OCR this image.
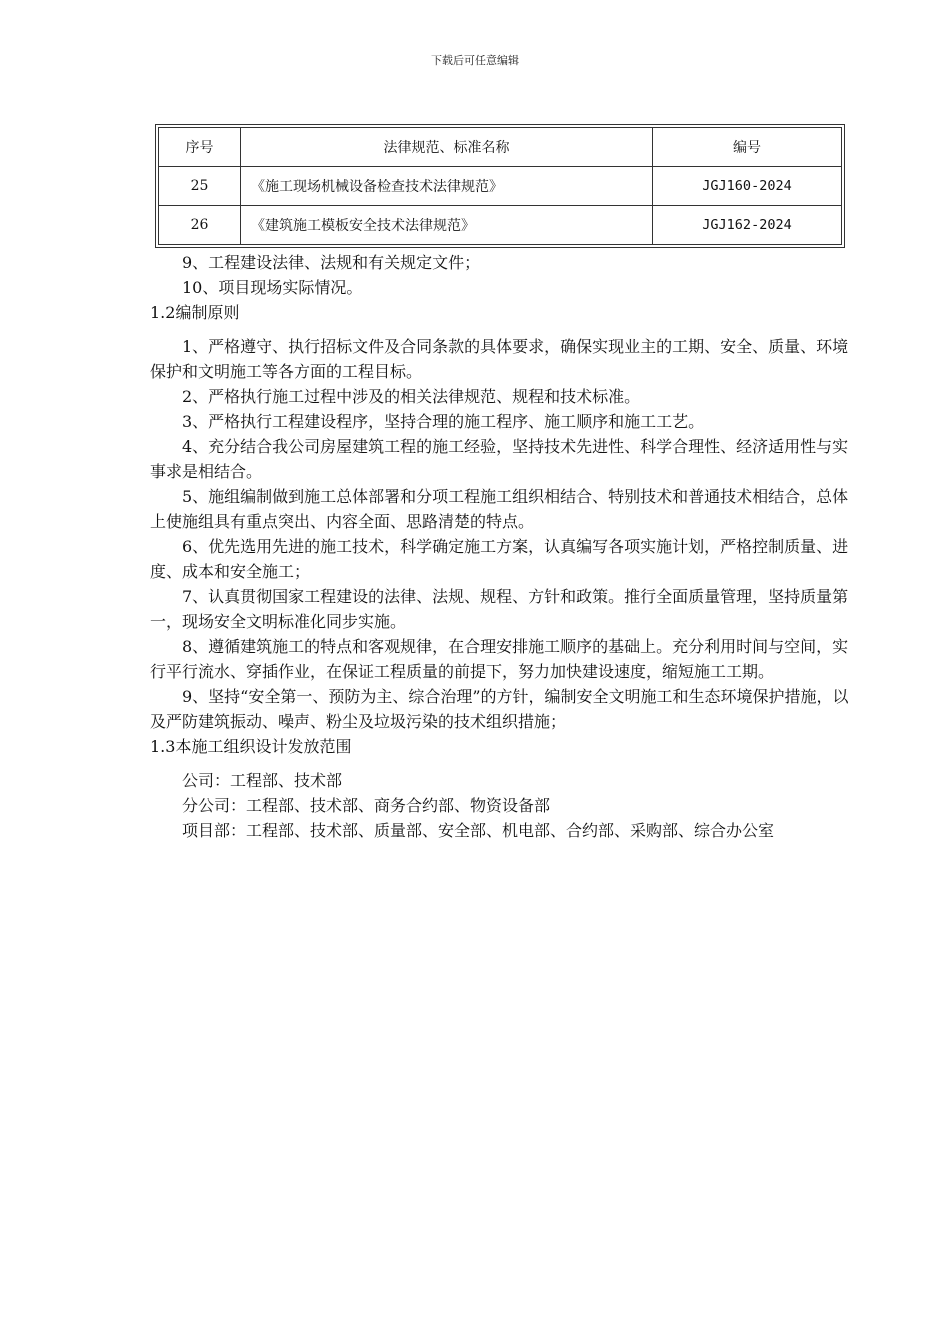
下载后可任意编辑
序号	法律规范、标准名称	编号
25	《施工现场机械设备检查技术法律规范》	JGJ160-2024
26	《建筑施工模板安全技术法律规范》	JGJ162-2024

9、工程建设法律、法规和有关规定文件；

10、项目现场实际情况。

1.2编制原则

1、严格遵守、执行招标文件及合同条款的具体要求，确保实现业主的工期、安全、质量、环境保护和文明施工等各方面的工程目标。

2、严格执行施工过程中涉及的相关法律规范、规程和技术标准。

3、严格执行工程建设程序，坚持合理的施工程序、施工顺序和施工工艺。

4、充分结合我公司房屋建筑工程的施工经验，坚持技术先进性、科学合理性、经济适用性与实事求是相结合。

5、施组编制做到施工总体部署和分项工程施工组织相结合、特别技术和普通技术相结合，总体上使施组具有重点突出、内容全面、思路清楚的特点。

6、优先选用先进的施工技术，科学确定施工方案，认真编写各项实施计划，严格控制质量、进度、成本和安全施工；

7、认真贯彻国家工程建设的法律、法规、规程、方针和政策。推行全面质量管理，坚持质量第一，现场安全文明标准化同步实施。

8、遵循建筑施工的特点和客观规律，在合理安排施工顺序的基础上。充分利用时间与空间，实行平行流水、穿插作业，在保证工程质量的前提下，努力加快建设速度，缩短施工工期。

9、坚持“安全第一、预防为主、综合治理”的方针，编制安全文明施工和生态环境保护措施，以及严防建筑振动、噪声、粉尘及垃圾污染的技术组织措施；

1.3本施工组织设计发放范围

公司：工程部、技术部

分公司：工程部、技术部、商务合约部、物资设备部

项目部：工程部、技术部、质量部、安全部、机电部、合约部、采购部、综合办公室
